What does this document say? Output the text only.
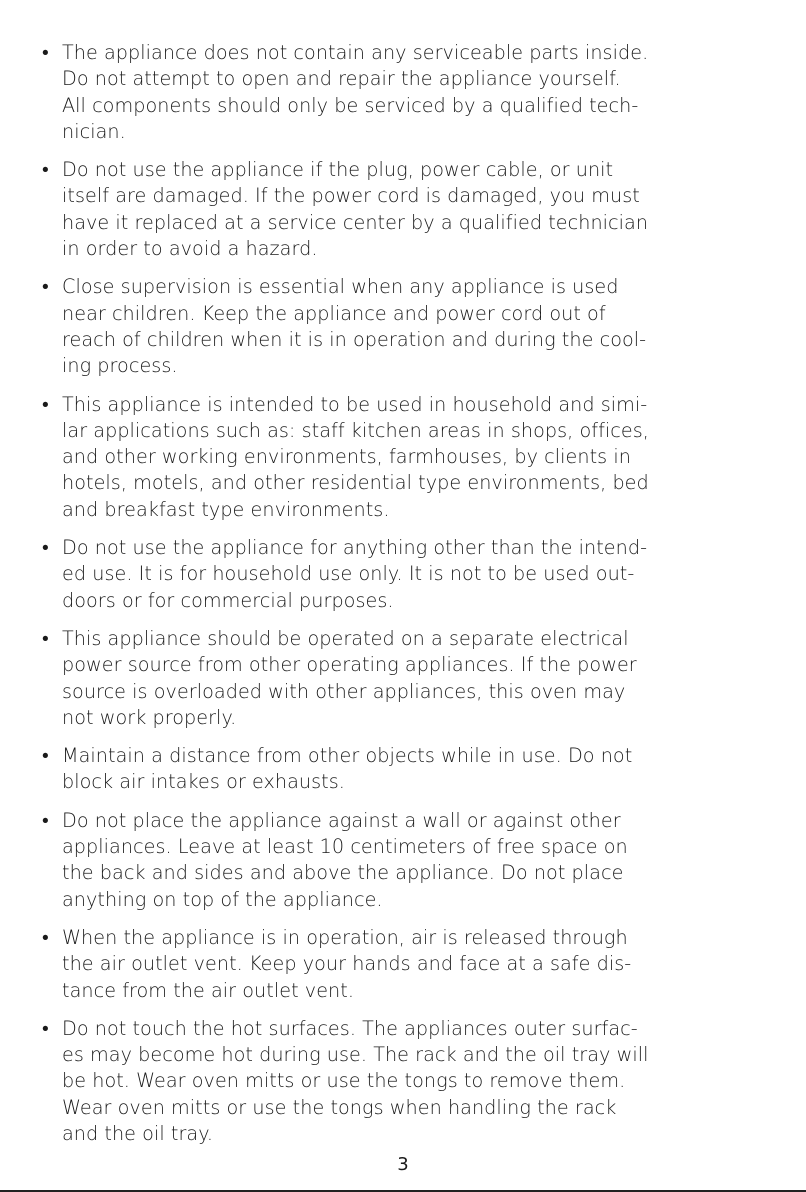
• The appliance does not contain any serviceable parts inside.
Do not attempt to open and repair the appliance yourself.
All components should only be serviced by a qualified tech-
nician.
• Do not use the appliance if the plug, power cable, or unit
itself are damaged. If the power cord is damaged, you must
have it replaced at a service center by a qualified technician
in order to avoid a hazard.
• Close supervision is essential when any appliance is used
near children. Keep the appliance and power cord out of
reach of children when it is in operation and during the cool-
ing process.
• This appliance is intended to be used in household and simi-
lar applications such as: staff kitchen areas in shops, offices,
and other working environments, farmhouses, by clients in
hotels, motels, and other residential type environments, bed
and breakfast type environments.
• Do not use the appliance for anything other than the intend-
ed use. It is for household use only. It is not to be used out-
doors or for commercial purposes.
• This appliance should be operated on a separate electrical
power source from other operating appliances. If the power
source is overloaded with other appliances, this oven may
not work properly.
• Maintain a distance from other objects while in use. Do not
block air intakes or exhausts.
• Do not place the appliance against a wall or against other
appliances. Leave at least 10 centimeters of free space on
the back and sides and above the appliance. Do not place
anything on top of the appliance.
• When the appliance is in operation, air is released through
the air outlet vent. Keep your hands and face at a safe dis-
tance from the air outlet vent.
• Do not touch the hot surfaces. The appliances outer surfac-
es may become hot during use. The rack and the oil tray will
be hot. Wear oven mitts or use the tongs to remove them.
Wear oven mitts or use the tongs when handling the rack
and the oil tray.
3
